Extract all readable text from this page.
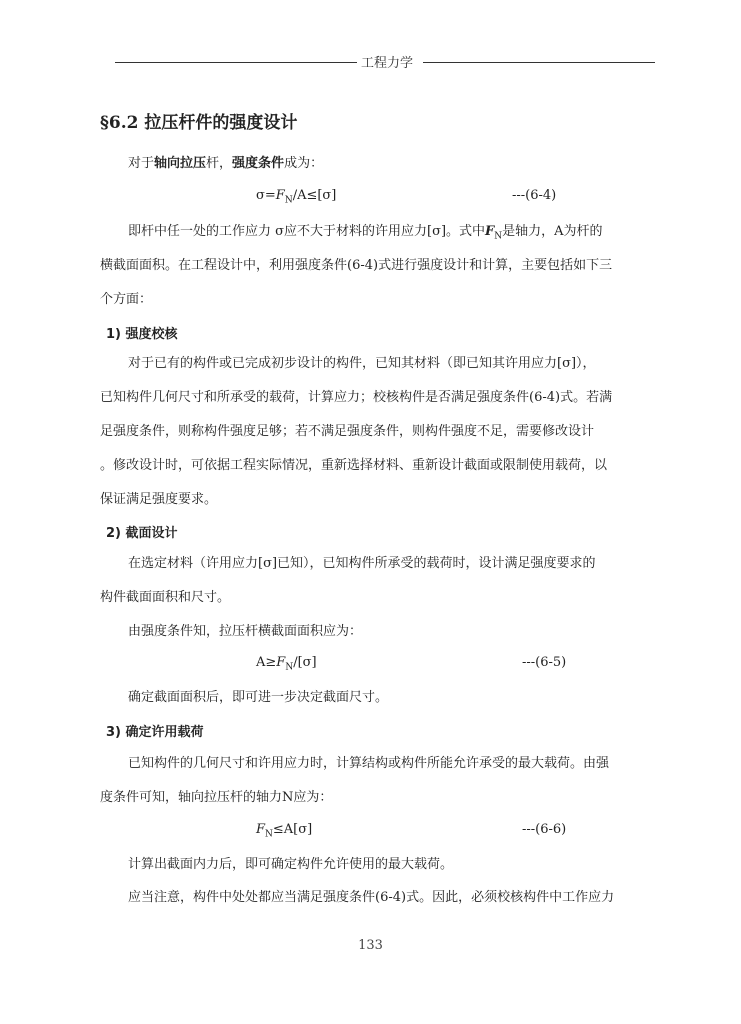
工程力学
§6.2 拉压杆件的强度设计
对于轴向拉压杆，强度条件成为：
$\sigma=F_N/A\le[\sigma]$	---(6-4)
即杆中任一处的工作应力 σ应不大于材料的许用应力[σ]。式中$F_N$是轴力，A为杆的
横截面面积。在工程设计中，利用强度条件(6-4)式进行强度设计和计算，主要包括如下三
个方面：
1) 强度校核
对于已有的构件或已完成初步设计的构件，已知其材料（即已知其许用应力[σ]），
已知构件几何尺寸和所承受的载荷，计算应力；校核构件是否满足强度条件(6-4)式。若满
足强度条件，则称构件强度足够；若不满足强度条件，则构件强度不足，需要修改设计
。修改设计时，可依据工程实际情况，重新选择材料、重新设计截面或限制使用载荷，以
保证满足强度要求。
2) 截面设计
在选定材料（许用应力[σ]已知），已知构件所承受的载荷时，设计满足强度要求的
构件截面面积和尺寸。
由强度条件知，拉压杆横截面面积应为：
$A\ge F_N/[\sigma]$	---(6-5)
确定截面面积后，即可进一步决定截面尺寸。
3) 确定许用载荷
已知构件的几何尺寸和许用应力时，计算结构或构件所能允许承受的最大载荷。由强
度条件可知，轴向拉压杆的轴力N应为：
$F_N\le A[\sigma]$	---(6-6)
计算出截面内力后，即可确定构件允许使用的最大载荷。
应当注意，构件中处处都应当满足强度条件(6-4)式。因此，必须校核构件中工作应力
133
